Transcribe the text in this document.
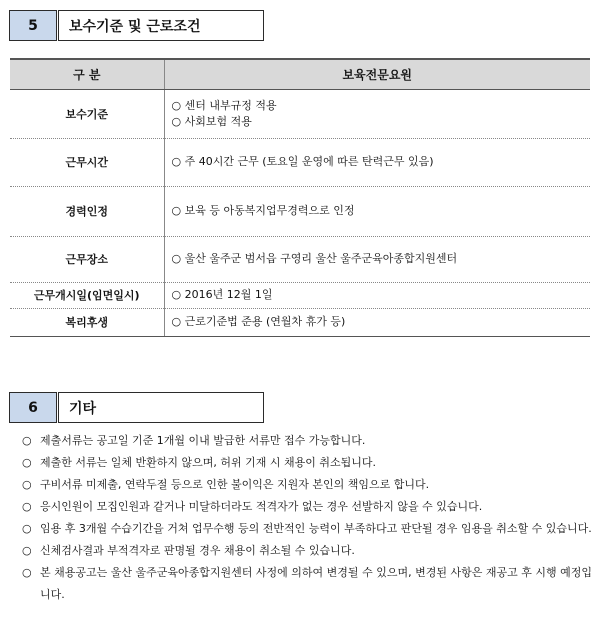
5	보수기준 및 근로조건
구 분	보육전문요원
보수기준	○ 센터 내부규정 적용
○ 사회보험 적용

근무시간	○ 주 40시간 근무 (토요일 운영에 따른 탄력근무 있음)

경력인정	○ 보육 등 아동복지업무경력으로 인정

근무장소	○ 울산 울주군 범서읍 구영리 울산 울주군육아종합지원센터

근무개시일(임면일시)	○ 2016년 12월 1일

복리후생	○ 근로기준법 준용 (연월차 휴가 등)
6	기타
○ 제출서류는 공고일 기준 1개월 이내 발급한 서류만 접수 가능합니다.
○ 제출한 서류는 일체 반환하지 않으며, 허위 기재 시 채용이 취소됩니다.
○ 구비서류 미제출, 연락두절 등으로 인한 불이익은 지원자 본인의 책임으로 합니다.
○ 응시인원이 모집인원과 같거나 미달하더라도 적격자가 없는 경우 선발하지 않을 수 있습니다.
○ 임용 후 3개월 수습기간을 거쳐 업무수행 등의 전반적인 능력이 부족하다고 판단될 경우 임용을 취소할 수 있습니다.
○ 신체검사결과 부적격자로 판명될 경우 채용이 취소될 수 있습니다.
○ 본 채용공고는 울산 울주군육아종합지원센터 사정에 의하여 변경될 수 있으며, 변경된 사항은 재공고 후 시행 예정입니다.
